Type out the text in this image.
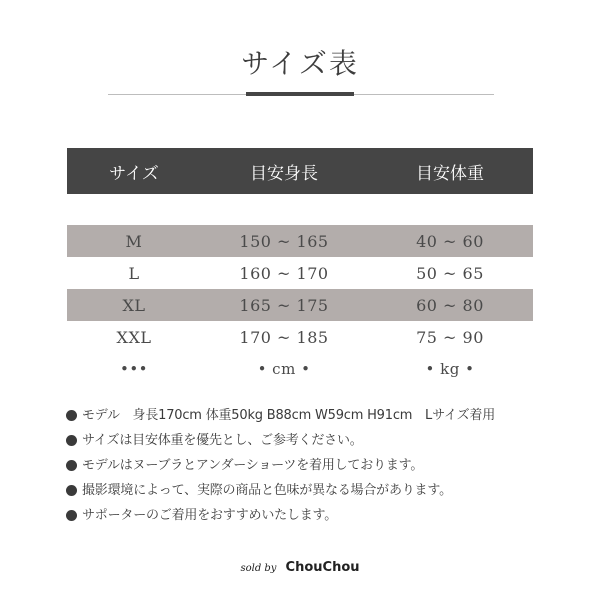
サイズ表
サイズ	目安身長	目安体重
M	150 ~ 165	40 ~ 60
L	160 ~ 170	50 ~ 65
XL	165 ~ 175	60 ~ 80
XXL	170 ~ 185	75 ~ 90
•••	• cm •	• kg •
モデル　身長170cm 体重50kg B88cm W59cm H91cm　Lサイズ着用
サイズは目安体重を優先とし、ご参考ください。
モデルはヌーブラとアンダーショーツを着用しております。
撮影環境によって、実際の商品と色味が異なる場合があります。
サポーターのご着用をおすすめいたします。
sold by ChouChou
